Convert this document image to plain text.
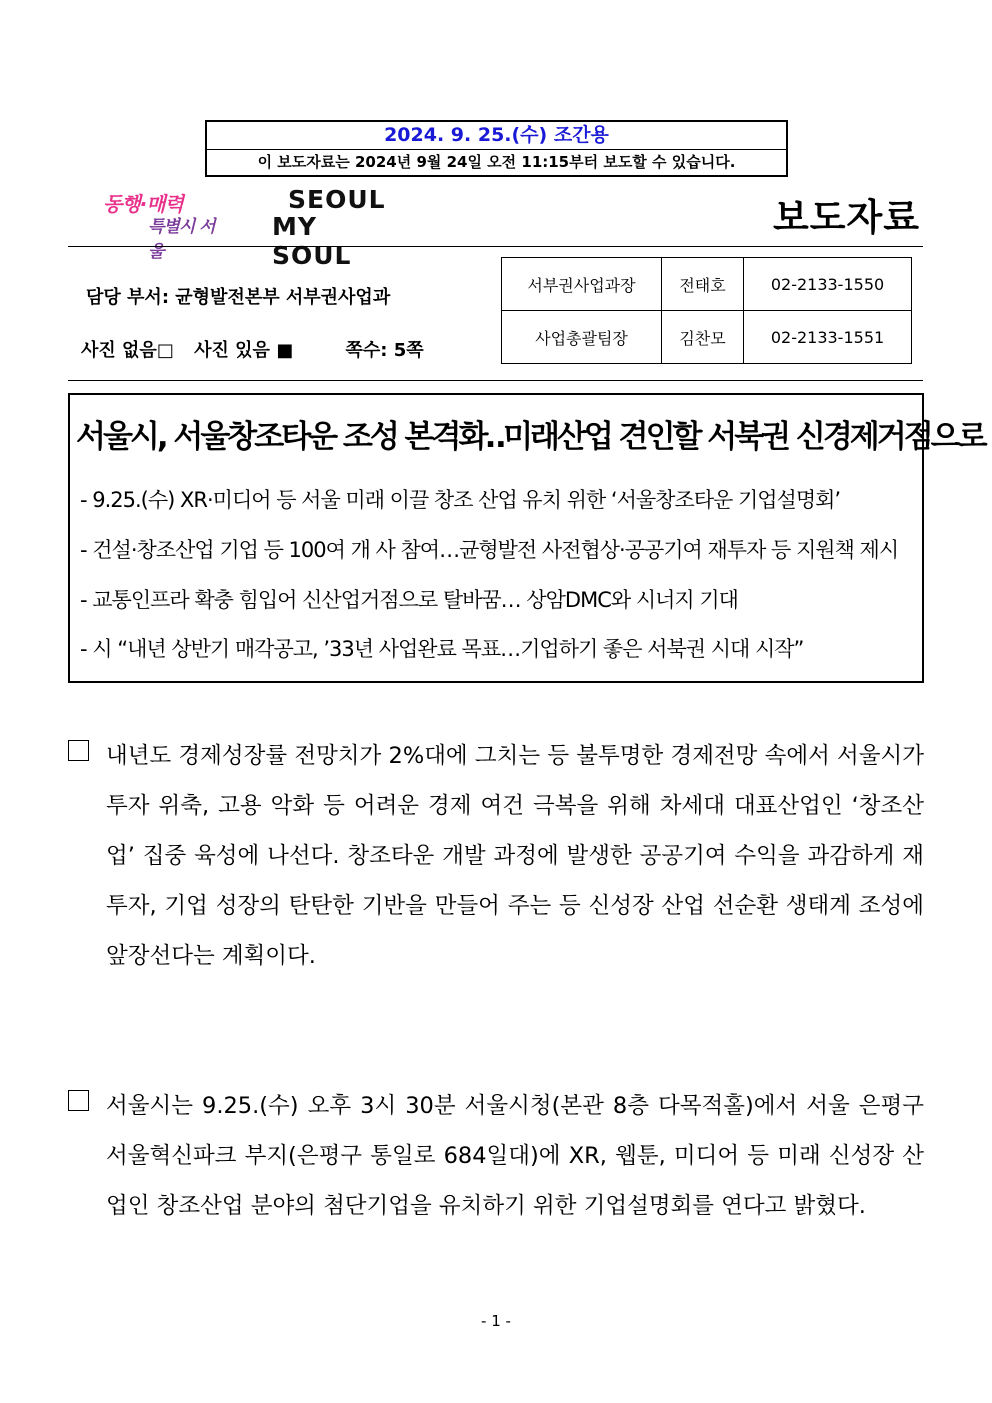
2024. 9. 25.(수) 조간용
이 보도자료는 2024년 9월 24일 오전 11:15부터 보도할 수 있습니다.
동행·매력
특별시 서울
SEOUL
MY SOUL
보도자료
담당 부서: 균형발전본부 서부권사업과
사진 없음□ 사진 있음 ■	쪽수: 5쪽
서부권사업과장	전태호	02-2133-1550
사업총괄팀장	김찬모	02-2133-1551
서울시, 서울창조타운 조성 본격화‥미래산업 견인할 서북권 신경제거점으로
- 9.25.(수) XR·미디어 등 서울 미래 이끌 창조 산업 유치 위한 ‘서울창조타운 기업설명회’
- 건설·창조산업 기업 등 100여 개 사 참여…균형발전 사전협상·공공기여 재투자 등 지원책 제시
- 교통인프라 확충 힘입어 신산업거점으로 탈바꿈… 상암DMC와 시너지 기대
- 시 “내년 상반기 매각공고, ’33년 사업완료 목표…기업하기 좋은 서북권 시대 시작”
내년도 경제성장률 전망치가 2%대에 그치는 등 불투명한 경제전망 속에서 서울시가 투자 위축, 고용 악화 등 어려운 경제 여건 극복을 위해 차세대 대표산업인 ‘창조산업’ 집중 육성에 나선다. 창조타운 개발 과정에 발생한 공공기여 수익을 과감하게 재투자, 기업 성장의 탄탄한 기반을 만들어 주는 등 신성장 산업 선순환 생태계 조성에 앞장선다는 계획이다.
서울시는 9.25.(수) 오후 3시 30분 서울시청(본관 8층 다목적홀)에서 서울 은평구 서울혁신파크 부지(은평구 통일로 684일대)에 XR, 웹툰, 미디어 등 미래 신성장 산업인 창조산업 분야의 첨단기업을 유치하기 위한 기업설명회를 연다고 밝혔다.
- 1 -
